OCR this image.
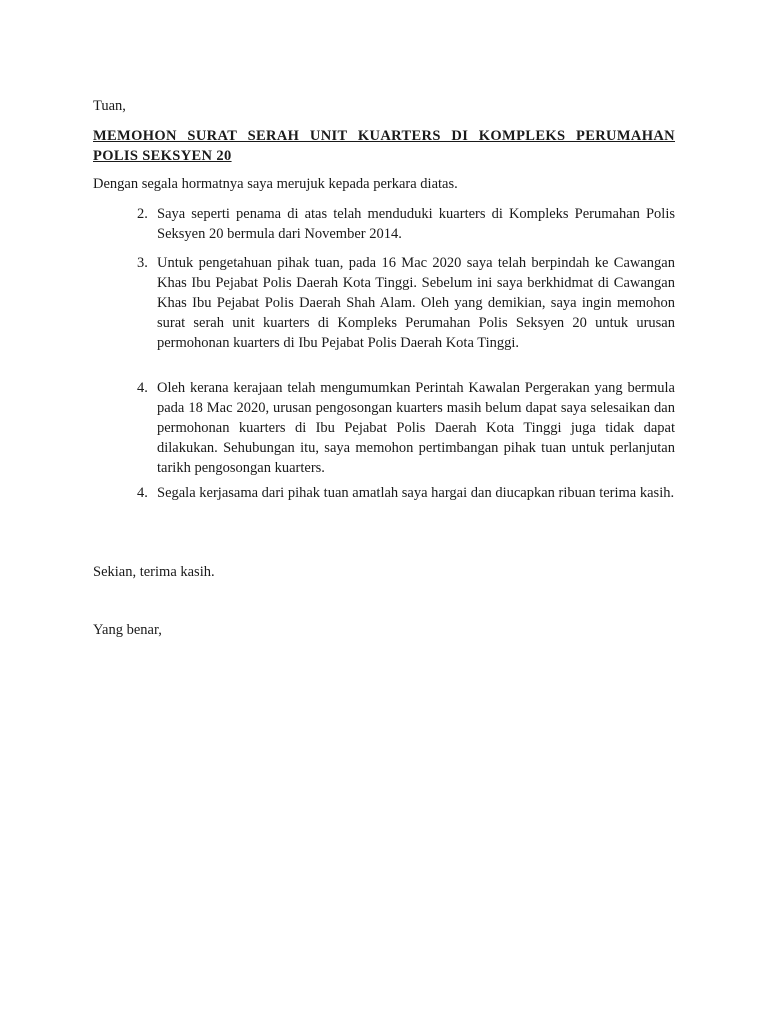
Tuan,
MEMOHON SURAT SERAH UNIT KUARTERS DI KOMPLEKS PERUMAHAN POLIS SEKSYEN 20
Dengan segala hormatnya saya merujuk kepada perkara diatas.
2. Saya seperti penama di atas telah menduduki kuarters di Kompleks Perumahan Polis Seksyen 20 bermula dari November 2014.
3. Untuk pengetahuan pihak tuan, pada 16 Mac 2020 saya telah berpindah ke Cawangan Khas Ibu Pejabat Polis Daerah Kota Tinggi. Sebelum ini saya berkhidmat di Cawangan Khas Ibu Pejabat Polis Daerah Shah Alam. Oleh yang demikian, saya ingin memohon surat serah unit kuarters di Kompleks Perumahan Polis Seksyen 20 untuk urusan permohonan kuarters di Ibu Pejabat Polis Daerah Kota Tinggi.
4. Oleh kerana kerajaan telah mengumumkan Perintah Kawalan Pergerakan yang bermula pada 18 Mac 2020, urusan pengosongan kuarters masih belum dapat saya selesaikan dan permohonan kuarters di Ibu Pejabat Polis Daerah Kota Tinggi juga tidak dapat dilakukan. Sehubungan itu, saya memohon pertimbangan pihak tuan untuk perlanjutan tarikh pengosongan kuarters.
4. Segala kerjasama dari pihak tuan amatlah saya hargai dan diucapkan ribuan terima kasih.
Sekian, terima kasih.
Yang benar,
